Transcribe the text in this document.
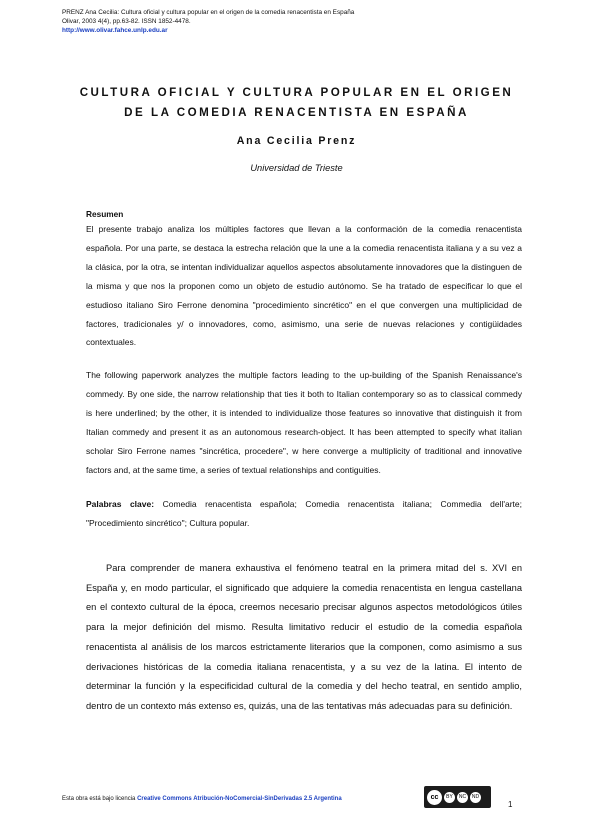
PRENZ Ana Cecilia: Cultura oficial y cultura popular en el origen de la comedia renacentista en España
Olivar, 2003 4(4), pp.63-82. ISSN 1852-4478.
http://www.olivar.fahce.unlp.edu.ar
CULTURA OFICIAL Y CULTURA POPULAR EN EL ORIGEN
DE LA COMEDIA RENACENTISTA EN ESPAÑA
Ana Cecilia Prenz
Universidad de Trieste
Resumen
El presente trabajo analiza los múltiples factores que llevan a la conformación de la comedia renacentista española. Por una parte, se destaca la estrecha relación que la une a la comedia renacentista italiana y a su vez a la clásica, por la otra, se intentan individualizar aquellos aspectos absolutamente innovadores que la distinguen de la misma y que nos la proponen como un objeto de estudio autónomo. Se ha tratado de especificar lo que el estudioso italiano Siro Ferrone denomina "procedimiento sincrético" en el que convergen una multiplicidad de factores, tradicionales y/ o innovadores, como, asimismo, una serie de nuevas relaciones y contigüidades contextuales.
The following paperwork analyzes the multiple factors leading to the up-building of the Spanish Renaissance's commedy. By one side, the narrow relationship that ties it both to Italian contemporary so as to classical commedy is here underlined; by the other, it is intended to individualize those features so innovative that distinguish it from Italian commedy and present it as an autonomous research-object. It has been attempted to specify what italian scholar Siro Ferrone names "sincrética, procedere", w here converge a multiplicity of traditional and innovative factors and, at the same time, a series of textual relationships and contiguities.
Palabras clave: Comedia renacentista española; Comedia renacentista italiana; Commedia dell'arte; "Procedimiento sincrético"; Cultura popular.
Para comprender de manera exhaustiva el fenómeno teatral en la primera mitad del s. XVI en España y, en modo particular, el significado que adquiere la comedia renacentista en lengua castellana en el contexto cultural de la época, creemos necesario precisar algunos aspectos metodológicos útiles para la mejor definición del mismo. Resulta limitativo reducir el estudio de la comedia española renacentista al análisis de los marcos estrictamente literarios que la componen, como asimismo a sus derivaciones históricas de la comedia italiana renacentista, y a su vez de la latina. El intento de determinar la función y la especificidad cultural de la comedia y del hecho teatral, en sentido amplio, dentro de un contexto más extenso es, quizás, una de las tentativas más adecuadas para su definición.
Esta obra está bajo licencia Creative Commons Atribución-NoComercial-SinDerivadas 2.5 Argentina	cc	BY	NC	ND
1
